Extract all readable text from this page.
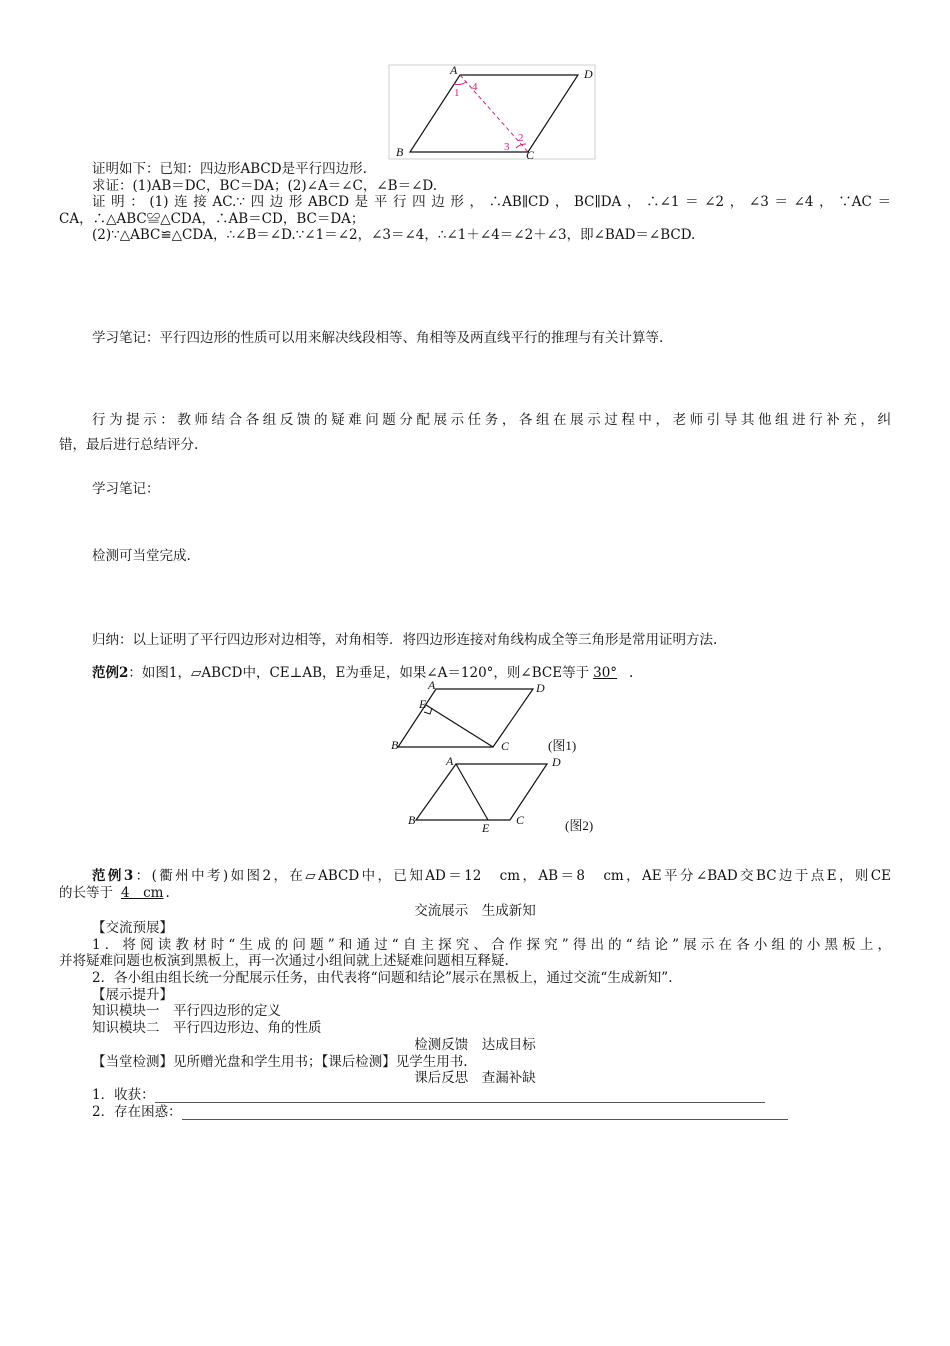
A
B	C
D
1 4
2
3
证明如下：已知：四边形ABCD是平行四边形.
求证：(1)AB＝DC，BC＝DA；(2)∠A＝∠C，∠B＝∠D.
证明：(1)连接AC.∵四边形ABCD是平行四边形，∴AB∥CD，BC∥DA，∴∠1＝∠2，∠3＝∠4，∵AC＝
CA，∴△ABC≌△CDA，∴AB＝CD，BC＝DA；
(2)∵△ABC≌△CDA，∴∠B＝∠D.∵∠1＝∠2，∠3＝∠4，∴∠1＋∠4＝∠2＋∠3，即∠BAD＝∠BCD.
学习笔记：平行四边形的性质可以用来解决线段相等、角相等及两直线平行的推理与有关计算等.
行为提示：教师结合各组反馈的疑难问题分配展示任务，各组在展示过程中，老师引导其他组进行补充，纠
错，最后进行总结评分.
学习笔记：
检测可当堂完成.
归纳：以上证明了平行四边形对边相等，对角相等．将四边形连接对角线构成全等三角形是常用证明方法.
范例2：如图1，▱ABCD中，CE⊥AB，E为垂足，如果∠A＝120°，则∠BCE等于 30° .
A	D
E
B	C	(图1)
A	D
B
E
C	(图2)
范例3：(衢州中考)如图2，在▱ABCD中，已知AD＝12　cm，AB＝8　cm，AE平分∠BAD交BC边于点E，则CE
的长等于 4　cm .
交流展示　生成新知
【交流预展】
1．将阅读教材时“生成的问题”和通过“自主探究、合作探究”得出的“结论”展示在各小组的小黑板上，
并将疑难问题也板演到黑板上，再一次通过小组间就上述疑难问题相互释疑.
2．各小组由组长统一分配展示任务，由代表将“问题和结论”展示在黑板上，通过交流“生成新知”.
【展示提升】
知识模块一　平行四边形的定义
知识模块二　平行四边形边、角的性质
检测反馈　达成目标
【当堂检测】见所赠光盘和学生用书；【课后检测】见学生用书.
课后反思　查漏补缺
1．收获：
2．存在困惑：
